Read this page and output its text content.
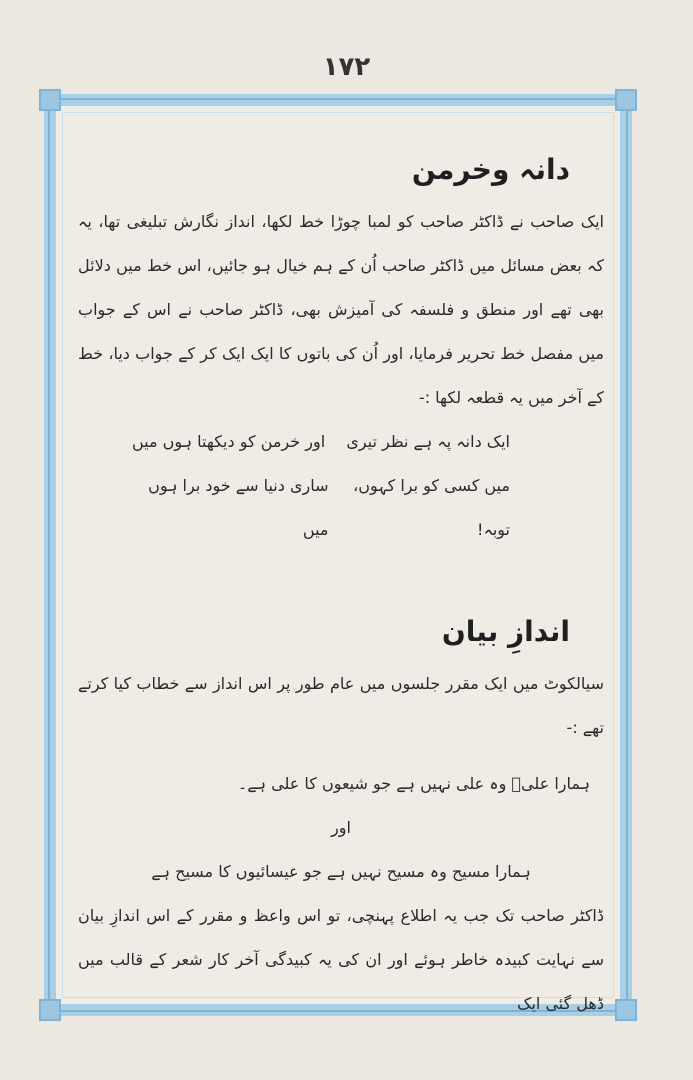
١٧٢
دانہ وخرمن
ایک صاحب نے ڈاکٹر صاحب کو لمبا چوڑا خط لکھا، انداز نگارش تبلیغی تھا، یہ کہ بعض مسائل میں ڈاکٹر صاحب اُن کے ہم خیال ہو جائیں، اس خط میں دلائل بھی تھے اور منطق و فلسفہ کی آمیزش بھی، ڈاکٹر صاحب نے اس کے جواب میں مفصل خط تحریر فرمایا، اور اُن کی باتوں کا ایک ایک کر کے جواب دیا، خط کے آخر میں یہ قطعہ لکھا :-
ایک دانہ پہ ہے نظر تیری
اور خرمن کو دیکھتا ہوں میں
میں کسی کو برا کہوں، توبہ!
ساری دنیا سے خود برا ہوں میں
اندازِ بیان
سیالکوٹ میں ایک مقرر جلسوں میں عام طور پر اس انداز سے خطاب کیا کرتے تھے :-
ہمارا علیؓ وہ علی نہیں ہے جو شیعوں کا علی ہے۔
اور
ہمارا مسیح وہ مسیح نہیں ہے جو عیسائیوں کا مسیح ہے
ڈاکٹر صاحب تک جب یہ اطلاع پہنچی، تو اس واعظ و مقرر کے اس اندازِ بیان سے نہایت کبیدہ خاطر ہوئے اور ان کی یہ کبیدگی آخر کار شعر کے قالب میں ڈھل گئی ایک
